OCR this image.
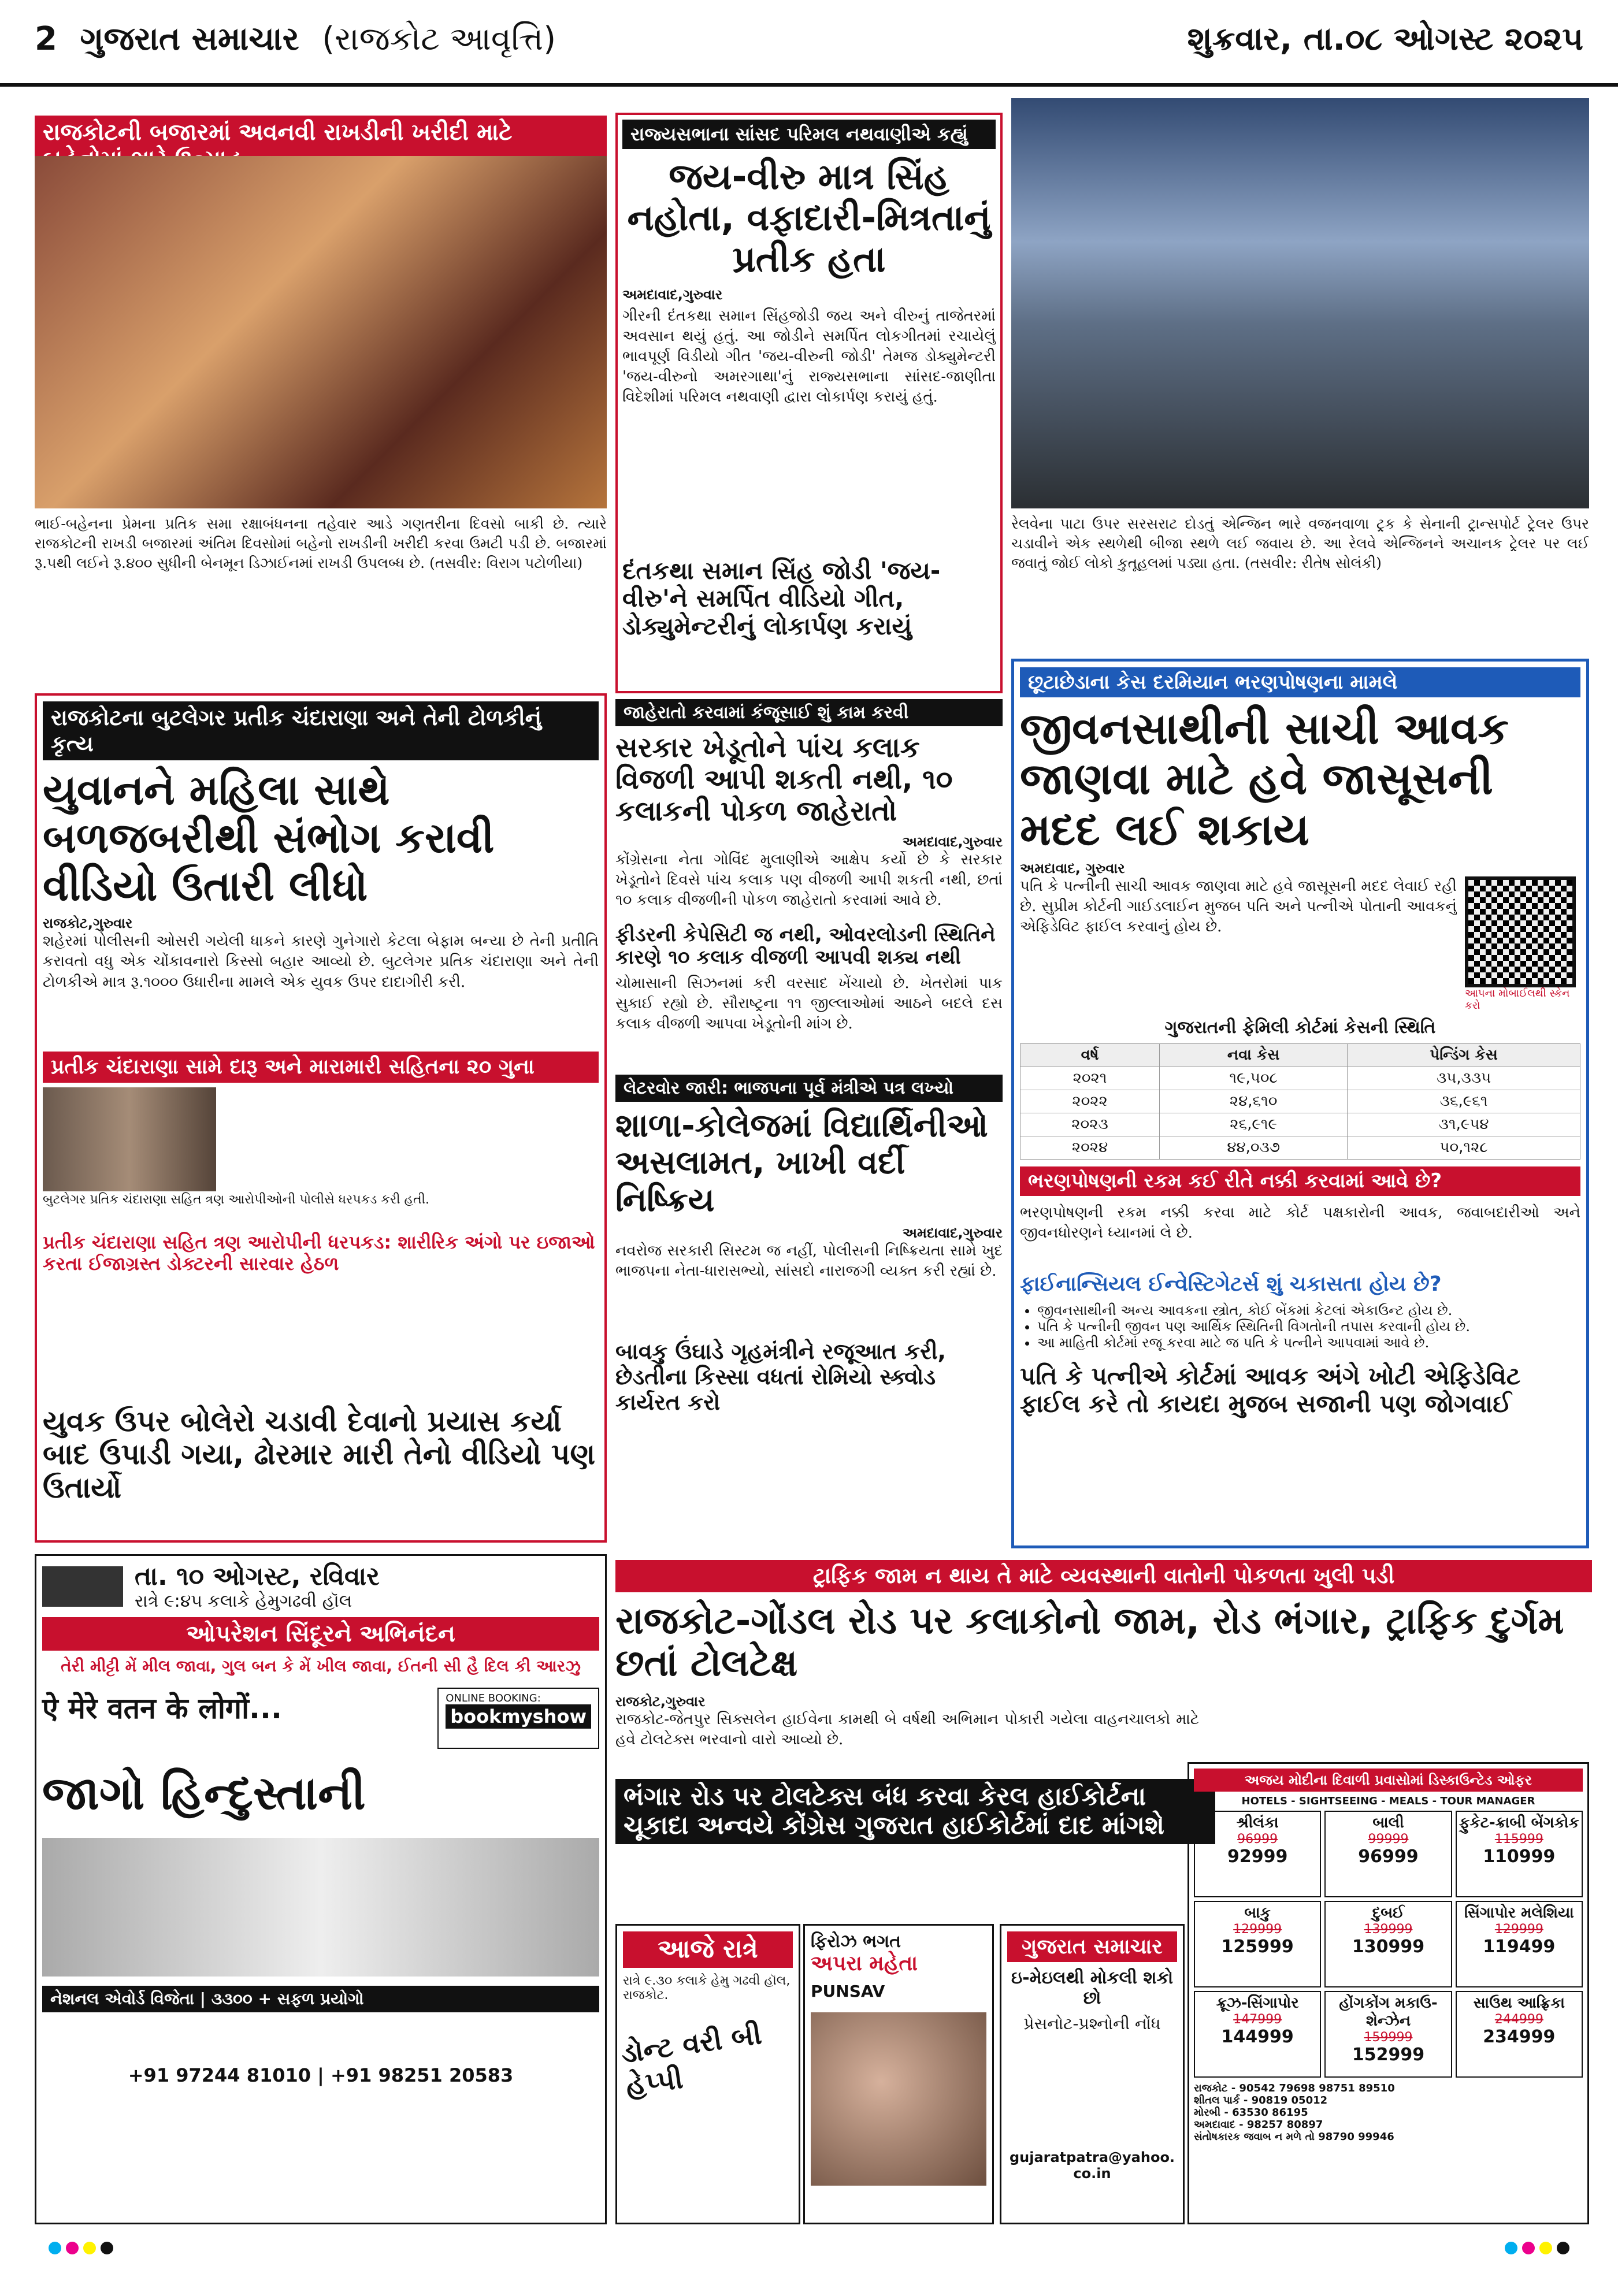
2 ગુજરાત સમાચાર (રાજકોટ આવૃત્તિ)	શુક્રવાર, તા.૦૮ ઓગસ્ટ ૨૦૨૫
રાજકોટની બજારમાં અવનવી રાખડીની ખરીદી માટે
ભાઈ-બહેનના પ્રેમના પ્રતિક સમા રક્ષાબંધનના તહેવાર આડે ગણતરીના દિવસો બાકી છે. ત્યારે રાજકોટની રાખડી બજારમાં અંતિમ દિવસોમાં બહેનો રાખડીની ખરીદી કરવા ઉમટી પડી છે. બજારમાં રૂ.૫થી લઈને રૂ.૪૦૦ સુધીની બેનમૂન ડિઝાઈનમાં રાખડી ઉપલબ્ધ છે. (તસવીર: વિરાગ પટોળીયા)
રાજ્યસભાના સાંસદ પરિમલ નથવાણીએ કહ્યું
જય-વીરુ માત્ર સિંહ નહોતા, વફાદારી-મિત્રતાનું પ્રતીક હતા
અમદાવાદ,ગુરુવાર
ગીરની દંતકથા સમાન સિંહજોડી જય અને વીરુનું તાજેતરમાં અવસાન થયું હતું. આ જોડીને સમર્પિત લોકગીતમાં રચાયેલું ભાવપૂર્ણ વિડીયો ગીત 'જય-વીરુની જોડી' તેમજ ડોક્યુમેન્ટરી 'જય-વીરુનો અમરગાથા'નું રાજ્યસભાના સાંસદ-જાણીતા વિદેશીમાં પરિમલ નથવાણી દ્વારા લોકાર્પણ કરાયું હતું.
દંતકથા સમાન સિંહ જોડી 'જય-વીરુ'ને સમર્પિત વીડિયો ગીત, ડોક્યુમેન્ટરીનું લોકાર્પણ કરાયું
રેલવેના પાટા ઉપર સરસરાટ દોડતું એન્જિન ભારે વજનવાળા ટ્રક કે સેનાની ટ્રાન્સપોર્ટ ટ્રેલર ઉપર ચડાવીને એક સ્થળેથી બીજા સ્થળે લઈ જવાય છે. આ રેલવે એન્જિનને અચાનક ટ્રેલર પર લઈ જવાતું જોઈ લોકો કુતૂહલમાં પડ્યા હતા. (તસવીર: રીતેષ સોલંકી)
જાહેરાતો કરવામાં કંજૂસાઈ શું કામ કરવી
સરકાર ખેડૂતોને પાંચ કલાક વિજળી આપી શકતી નથી, ૧૦ કલાકની પોકળ જાહેરાતો
અમદાવાદ,ગુરુવાર
કોંગ્રેસના નેતા ગોવિંદ મુલાણીએ આક્ષેપ કર્યો છે કે સરકાર ખેડૂતોને દિવસે પાંચ કલાક પણ વીજળી આપી શકતી નથી, છતાં ૧૦ કલાક વીજળીની પોકળ જાહેરાતો કરવામાં આવે છે.
ફીડરની કેપેસિટી જ નથી, ઓવરલોડની સ્થિતિને કારણે ૧૦ કલાક વીજળી આપવી શક્ય નથી
ચોમાસાની સિઝનમાં કરી વરસાદ ખેંચાયો છે. ખેતરોમાં પાક સુકાઈ રહ્યો છે. સૌરાષ્ટ્રના ૧૧ જીલ્લાઓમાં આઠને બદલે દસ કલાક વીજળી આપવા ખેડૂતોની માંગ છે.
રાજકોટના બુટલેગર પ્રતીક ચંદારાણા અને તેની ટોળકીનું કૃત્ય
યુવાનને મહિલા સાથે બળજબરીથી સંભોગ કરાવી વીડિયો ઉતારી લીધો
રાજકોટ,ગુરુવાર
શહેરમાં પોલીસની ઓસરી ગયેલી ધાકને કારણે ગુનેગારો કેટલા બેફામ બન્યા છે તેની પ્રતીતિ કરાવતો વધુ એક ચોંકાવનારો કિસ્સો બહાર આવ્યો છે. બુટલેગર પ્રતિક ચંદારાણા અને તેની ટોળકીએ માત્ર રૂ.૧૦૦૦ ઉધારીના મામલે એક યુવક ઉપર દાદાગીરી કરી.
પ્રતીક ચંદારાણા સામે દારૂ અને મારામારી સહિતના ૨૦ ગુના
બુટલેગર પ્રતિક ચંદારાણા સહિત ત્રણ આરોપીઓની પોલીસે ધરપકડ કરી હતી.
પ્રતીક ચંદારાણા સહિત ત્રણ આરોપીની ધરપકડ: શારીરિક અંગો પર ઇજાઓ કરતા ઈજાગ્રસ્ત ડોક્ટરની સારવાર હેઠળ
યુવક ઉપર બોલેરો ચડાવી દેવાનો પ્રયાસ કર્યા બાદ ઉપાડી ગયા, ઢોરમાર મારી તેનો વીડિયો પણ ઉતાર્યો
લેટરવોર જારી: ભાજપના પૂર્વ મંત્રીએ પત્ર લખ્યો
શાળા-કોલેજમાં વિદ્યાર્થિનીઓ અસલામત, ખાખી વર્દી નિષ્ક્રિય
અમદાવાદ,ગુરુવાર
નવરોજ સરકારી સિસ્ટમ જ નહીં, પોલીસની નિષ્ક્રિયતા સામે ખુદ ભાજપના નેતા-ધારાસભ્યો, સાંસદો નારાજગી વ્યક્ત કરી રહ્યાં છે.
બાવકુ ઉંઘાડે ગૃહમંત્રીને રજૂઆત કરી, છેડતીના કિસ્સા વધતાં રોમિયો સ્ક્વોડ કાર્યરત કરો
છૂટાછેડાના કેસ દરમિયાન ભરણપોષણના મામલે
જીવનસાથીની સાચી આવક જાણવા માટે હવે જાસૂસની મદદ લઈ શકાય
અમદાવાદ, ગુરુવાર
પતિ કે પત્નીની સાચી આવક જાણવા માટે હવે જાસૂસની મદદ લેવાઈ રહી છે. સુપ્રીમ કોર્ટની ગાઈડલાઈન મુજબ પતિ અને પત્નીએ પોતાની આવકનું એફિડેવિટ ફાઈલ કરવાનું હોય છે.
આપના મોબાઈલથી સ્કેન કરો
ગુજરાતની ફેમિલી કોર્ટમાં કેસની સ્થિતિ
વર્ષ	નવા કેસ	પેન્ડિંગ કેસ
૨૦૨૧	૧૯,૫૦૮	૩૫,૩૩૫
૨૦૨૨	૨૪,૬૧૦	૩૬,૯૬૧
૨૦૨૩	૨૬,૯૧૯	૩૧,૯૫૪
૨૦૨૪	૪૪,૦૩૭	૫૦,૧૨૮
ભરણપોષણની રકમ કઈ રીતે નક્કી કરવામાં આવે છે?
ભરણપોષણની રકમ નક્કી કરવા માટે કોર્ટ પક્ષકારોની આવક, જવાબદારીઓ અને જીવનધોરણને ધ્યાનમાં લે છે.
ફાઈનાન્સિયલ ઈન્વેસ્ટિગેટર્સ શું ચકાસતા હોય છે?
• જીવનસાથીની અન્ય આવકના સ્ત્રોત, કોઈ બેંકમાં કેટલાં એકાઉન્ટ હોય છે.
• પતિ કે પત્નીની જીવન પણ આર્થિક સ્થિતિની વિગતોની તપાસ કરવાની હોય છે.
• આ માહિતી કોર્ટમાં રજૂ કરવા માટે જ પતિ કે પત્નીને આપવામાં આવે છે.
પતિ કે પત્નીએ કોર્ટમાં આવક અંગે ખોટી એફિડેવિટ ફાઈલ કરે તો કાયદા મુજબ સજાની પણ જોગવાઈ
ટ્રાફિક જામ ન થાય તે માટે વ્યવસ્થાની વાતોની પોકળતા ખુલી પડી
રાજકોટ-ગોંડલ રોડ પર કલાકોનો જામ, રોડ ભંગાર, ટ્રાફિક દુર્ગમ છતાં ટોલટેક્ષ
રાજકોટ,ગુરુવાર
રાજકોટ-જેતપુર સિક્સલેન હાઈવેના કામથી બે વર્ષથી અભિમાન પોકારી ગયેલા વાહનચાલકો માટે હવે ટોલટેક્સ ભરવાનો વારો આવ્યો છે.
ભંગાર રોડ પર ટોલટેક્સ બંધ કરવા કેરલ હાઈકોર્ટના ચૂકાદા અન્વયે કોંગ્રેસ ગુજરાત હાઈકોર્ટમાં દાદ માંગશે
તા. ૧૦ ઓગસ્ટ, રવિવાર
રાત્રે ૯:૪૫ કલાકે હેમુગઢવી હૉલ
ઓપરેશન સિંદૂરને અભિનંદન
તેરી મીટ્ટી મેં મીલ જાવા, ગુલ બન કે મેં ખીલ જાવા, ઈતની સી હૈ દિલ કી આરઝુ
ऐ मेरे वतन के लोगों...	ONLINE BOOKING:
bookmyshow
જાગો હિન્દુસ્તાની
નેશનલ એવોર્ડ વિજેતા | ૩૩૦૦ + સફળ પ્રયોગો
+91 97244 81010 | +91 98251 20583
આજે રાત્રે
રાત્રે ૯.૩૦ કલાકે હેમુ ગઢવી હૉલ, રાજકોટ.
ડોન્ટ વરી બી હેપ્પી
ફિરોઝ ભગત
અપરા મહેતા
PUNSAV
ગુજરાત સમાચાર
ઇ-મેઇલથી મોકલી શકો છો
પ્રેસનોટ-પ્રશ્નોની નોંધ
gujaratpatra@yahoo.co.in
અજય મોદીના દિવાળી પ્રવાસોમાં ડિસ્કાઉન્ટેડ ઓફર
HOTELS - SIGHTSEEING - MEALS - TOUR MANAGER
શ્રીલંકા
96999
92999
બાલી
99999
96999
ફુકેટ-ક્રાબી બેંગકોક
115999
110999
બાકુ
129999
125999
દુબઈ
139999
130999
સિંગાપોર મલેશિયા
129999
119499
ક્રૂઝ-સિંગાપોર
147999
144999
હોંગકોંગ મકાઉ-શેન્ઝેન
159999
152999
સાઉથ આફ્રિકા
244999
234999
રાજકોટ - 90542 79698 98751 89510
શીતલ પાર્ક - 90819 05012
મોરબી - 63530 86195
અમદાવાદ - 98257 80897
સંતોષકારક જવાબ ન મળે તો 98790 99946
